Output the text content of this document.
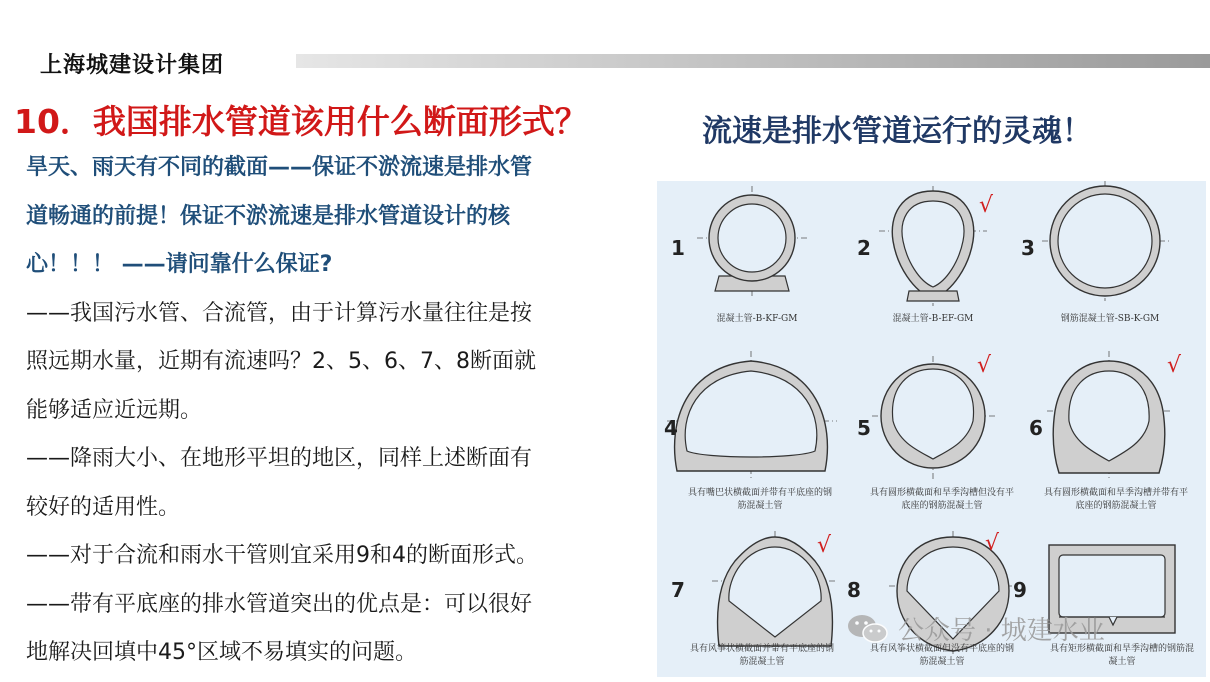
上海城建设计集团
10．我国排水管道该用什么断面形式？	流速是排水管道运行的灵魂！
旱天、雨天有不同的截面——保证不淤流速是排水管
道畅通的前提！保证不淤流速是排水管道设计的核
心！！！ ——请问靠什么保证?
——我国污水管、合流管，由于计算污水量往往是按
照远期水量，近期有流速吗？2、5、6、7、8断面就
能够适应近远期。
——降雨大小、在地形平坦的地区，同样上述断面有
较好的适用性。
——对于合流和雨水干管则宜采用9和4的断面形式。
——带有平底座的排水管道突出的优点是：可以很好
地解决回填中45°区域不易填实的问题。
1	2	3
4	5	6
7	8	9
√
√	√
√	√
混凝土管-B-KF-GM	混凝土管-B-EF-GM	钢筋混凝土管-SB-K-GM
具有嘴巴状横截面并带有平底座的钢筋混凝土管
具有圆形横截面和旱季沟槽但没有平底座的钢筋混凝土管
具有圆形横截面和旱季沟槽并带有平底座的钢筋混凝土管
具有风筝状横截面并带有平底座的钢筋混凝土管
具有风筝状横截面但没有平底座的钢筋混凝土管
具有矩形横截面和旱季沟槽的钢筋混凝土管
公众号 · 城建水业
